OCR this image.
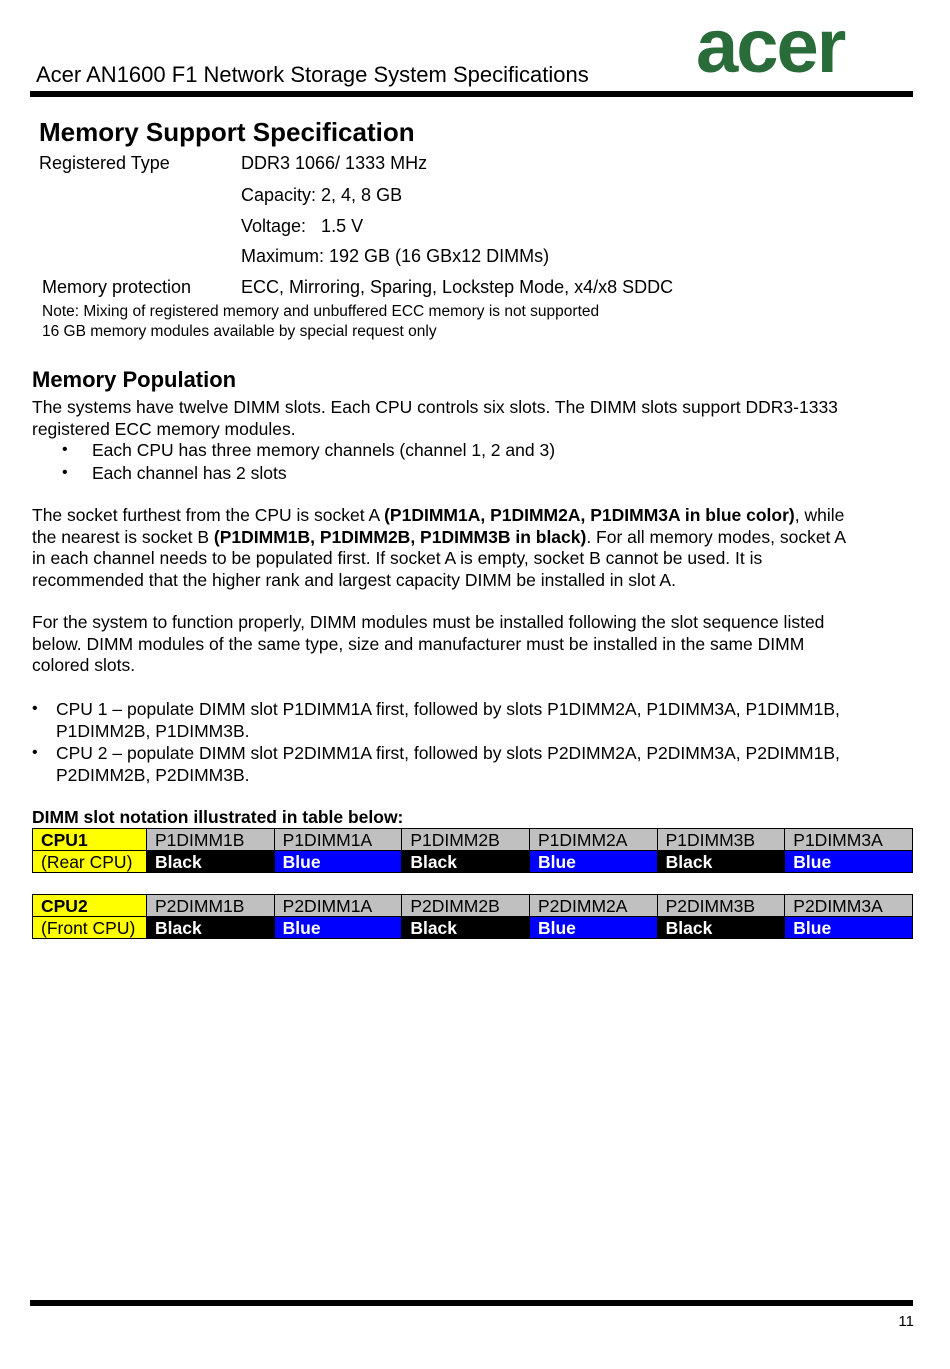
Acer AN1600 F1 Network Storage System Specifications acer
Memory Support Specification
Registered Type	DDR3 1066/ 1333 MHz
Capacity: 2, 4, 8 GB
Voltage:   1.5 V
Maximum: 192 GB (16 GBx12 DIMMs)
Memory protection	ECC, Mirroring, Sparing, Lockstep Mode, x4/x8 SDDC
Note: Mixing of registered memory and unbuffered ECC memory is not supported
16 GB memory modules available by special request only
Memory Population
The systems have twelve DIMM slots. Each CPU controls six slots. The DIMM slots support DDR3-1333
registered ECC memory modules.
• Each CPU has three memory channels (channel 1, 2 and 3)
• Each channel has 2 slots
The socket furthest from the CPU is socket A (P1DIMM1A, P1DIMM2A, P1DIMM3A in blue color), while
the nearest is socket B (P1DIMM1B, P1DIMM2B, P1DIMM3B in black). For all memory modes, socket A
in each channel needs to be populated first. If socket A is empty, socket B cannot be used. It is
recommended that the higher rank and largest capacity DIMM be installed in slot A.
For the system to function properly, DIMM modules must be installed following the slot sequence listed
below. DIMM modules of the same type, size and manufacturer must be installed in the same DIMM
colored slots.
• CPU 1 – populate DIMM slot P1DIMM1A first, followed by slots P1DIMM2A, P1DIMM3A, P1DIMM1B,
P1DIMM2B, P1DIMM3B.
• CPU 2 – populate DIMM slot P2DIMM1A first, followed by slots P2DIMM2A, P2DIMM3A, P2DIMM1B,
P2DIMM2B, P2DIMM3B.
DIMM slot notation illustrated in table below:
CPU1	P1DIMM1B	P1DIMM1A	P1DIMM2B	P1DIMM2A	P1DIMM3B	P1DIMM3A
(Rear CPU)	Black	Blue	Black	Blue	Black	Blue
CPU2	P2DIMM1B	P2DIMM1A	P2DIMM2B	P2DIMM2A	P2DIMM3B	P2DIMM3A
(Front CPU)	Black	Blue	Black	Blue	Black	Blue
11
